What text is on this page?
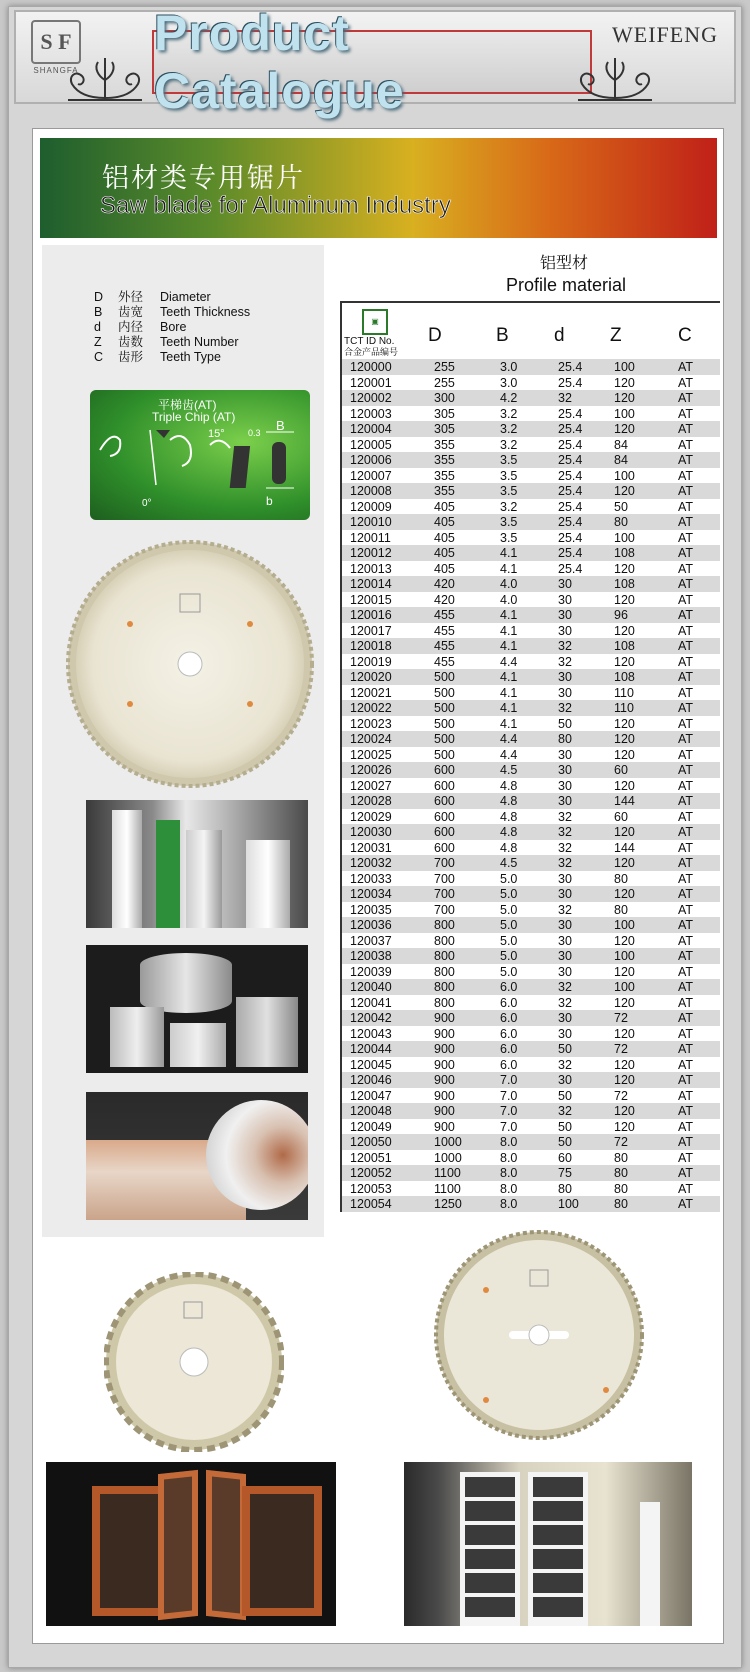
S F
SHANGFA
Product Catalogue
WEIFENG
铝材类专用锯片
Saw blade for Aluminum Industry
D 外径 Diameter
B 齿宽 Teeth Thickness
d 内径 Bore
Z 齿数 Teeth Number
C 齿形 Teeth Type
平梯齿(AT)
Triple Chip (AT)
15°
0°
0.3 B
b
铝型材
Profile material
▣
TCT ID No.
合金产品编号
D	B d Z	C
120000	255	3.0	25.4	100	AT
120001	255	3.0	25.4	120	AT
120002	300	4.2	32	120	AT
120003	305	3.2	25.4	100	AT
120004	305	3.2	25.4	120	AT
120005	355	3.2	25.4	84	AT
120006	355	3.5	25.4	84	AT
120007	355	3.5	25.4	100	AT
120008	355	3.5	25.4	120	AT
120009	405	3.2	25.4	50	AT
120010	405	3.5	25.4	80	AT
120011	405	3.5	25.4	100	AT
120012	405	4.1	25.4	108	AT
120013	405	4.1	25.4	120	AT
120014	420	4.0	30	108	AT
120015	420	4.0	30	120	AT
120016	455	4.1	30	96	AT
120017	455	4.1	30	120	AT
120018	455	4.1	32	108	AT
120019	455	4.4	32	120	AT
120020	500	4.1	30	108	AT
120021	500	4.1	30	110	AT
120022	500	4.1	32	110	AT
120023	500	4.1	50	120	AT
120024	500	4.4	80	120	AT
120025	500	4.4	30	120	AT
120026	600	4.5	30	60	AT
120027	600	4.8	30	120	AT
120028	600	4.8	30	144	AT
120029	600	4.8	32	60	AT
120030	600	4.8	32	120	AT
120031	600	4.8	32	144	AT
120032	700	4.5	32	120	AT
120033	700	5.0	30	80	AT
120034	700	5.0	30	120	AT
120035	700	5.0	32	80	AT
120036	800	5.0	30	100	AT
120037	800	5.0	30	120	AT
120038	800	5.0	30	100	AT
120039	800	5.0	30	120	AT
120040	800	6.0	32	100	AT
120041	800	6.0	32	120	AT
120042	900	6.0	30	72	AT
120043	900	6.0	30	120	AT
120044	900	6.0	50	72	AT
120045	900	6.0	32	120	AT
120046	900	7.0	30	120	AT
120047	900	7.0	50	72	AT
120048	900	7.0	32	120	AT
120049	900	7.0	50	120	AT
120050	1000	8.0	50	72	AT
120051	1000	8.0	60	80	AT
120052	1100	8.0	75	80	AT
120053	1100	8.0	80	80	AT
120054	1250	8.0	100	80	AT
